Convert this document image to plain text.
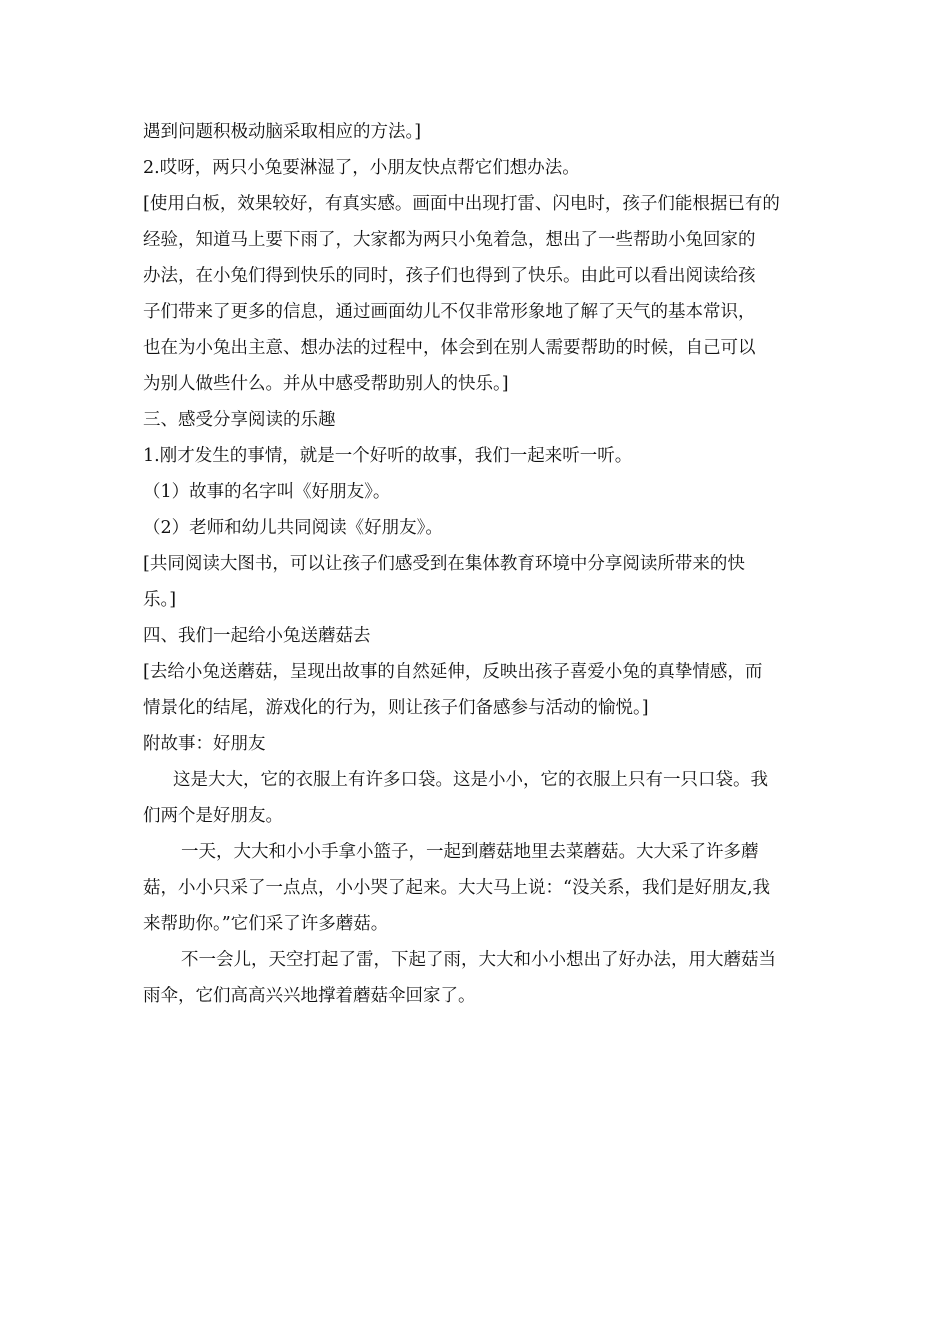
遇到问题积极动脑采取相应的方法。]

2.哎呀，两只小兔要淋湿了，小朋友快点帮它们想办法。

[使用白板，效果较好，有真实感。画面中出现打雷、闪电时，孩子们能根据已有的

经验，知道马上要下雨了，大家都为两只小兔着急，想出了一些帮助小兔回家的

办法，在小兔们得到快乐的同时，孩子们也得到了快乐。由此可以看出阅读给孩

子们带来了更多的信息，通过画面幼儿不仅非常形象地了解了天气的基本常识，

也在为小兔出主意、想办法的过程中，体会到在别人需要帮助的时候，自己可以

为别人做些什么。并从中感受帮助别人的快乐。]

三、感受分享阅读的乐趣

1.刚才发生的事情，就是一个好听的故事，我们一起来听一听。

（1）故事的名字叫《好朋友》。

（2）老师和幼儿共同阅读《好朋友》。

[共同阅读大图书，可以让孩子们感受到在集体教育环境中分享阅读所带来的快

乐。]

四、我们一起给小兔送蘑菇去

[去给小兔送蘑菇，呈现出故事的自然延伸，反映出孩子喜爱小兔的真挚情感，而

情景化的结尾，游戏化的行为，则让孩子们备感参与活动的愉悦。]

附故事：好朋友

这是大大，它的衣服上有许多口袋。这是小小，它的衣服上只有一只口袋。我

们两个是好朋友。

一天，大大和小小手拿小篮子，一起到蘑菇地里去菜蘑菇。大大采了许多蘑

菇，小小只采了一点点，小小哭了起来。大大马上说：“没关系，我们是好朋友,我

来帮助你。”它们采了许多蘑菇。

不一会儿，天空打起了雷，下起了雨，大大和小小想出了好办法，用大蘑菇当

雨伞，它们高高兴兴地撑着蘑菇伞回家了。
